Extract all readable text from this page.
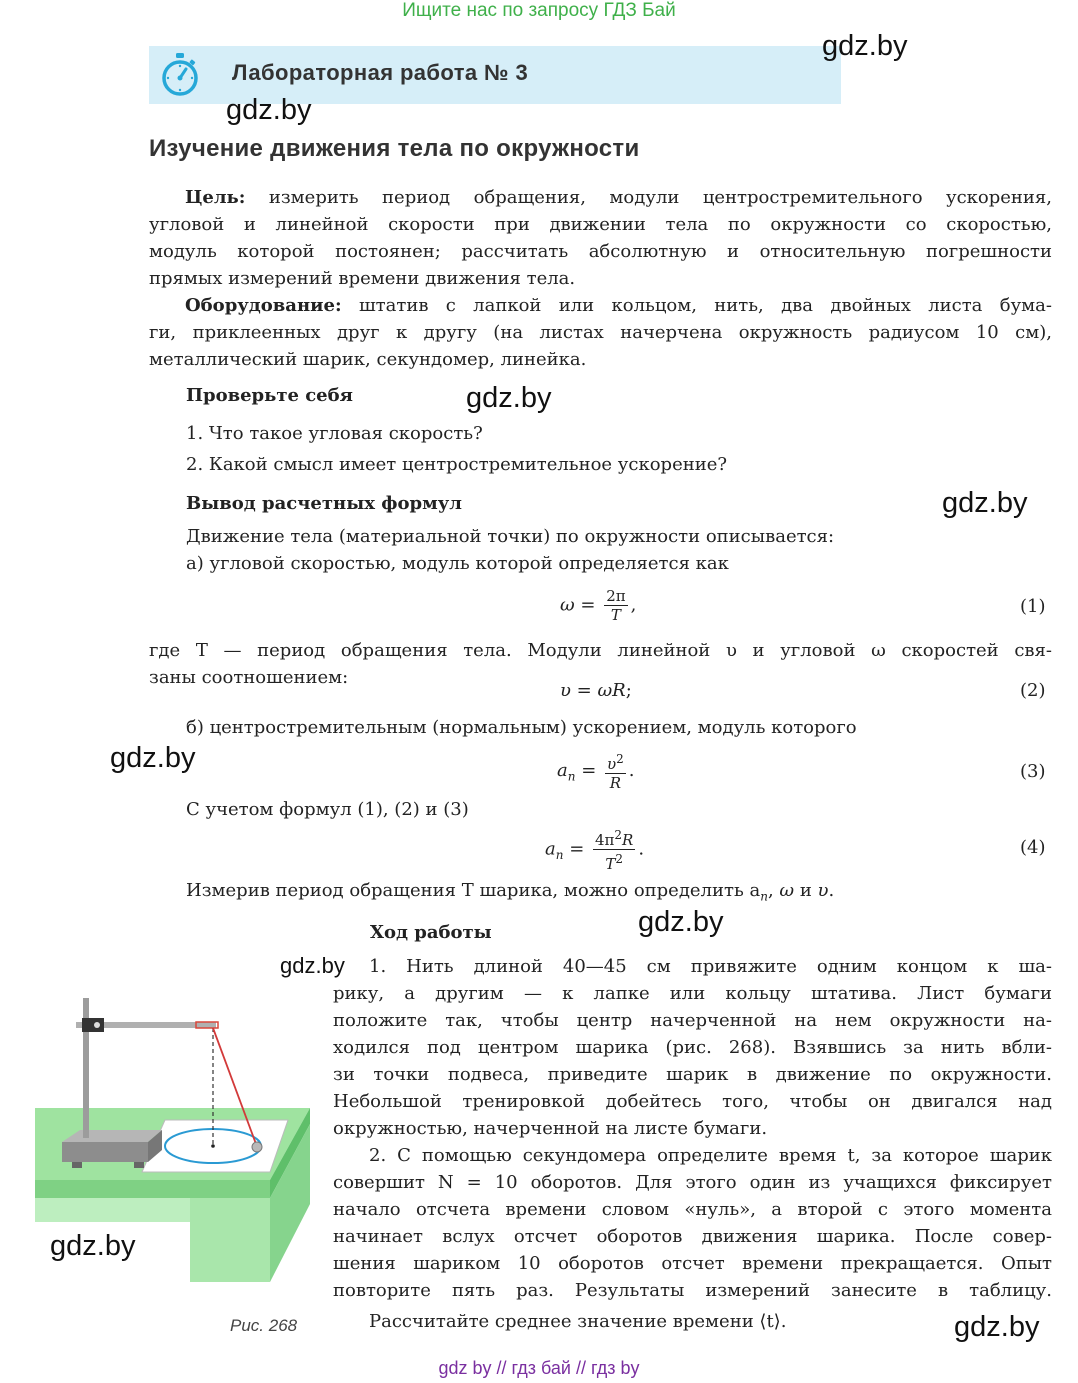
Ищите нас по запросу ГДЗ Бай
Лабораторная работа № 3
gdz.by
gdz.by
gdz.by
gdz.by
gdz.by
gdz.by
gdz.by
gdz.by
gdz.by
Изучение движения тела по окружности
Цель: измерить период обращения, модули центростремительного ускорения,
угловой и линейной скорости при движении тела по окружности со скоростью,
модуль которой постоянен; рассчитать абсолютную и относительную погрешности
прямых измерений времени движения тела.
Оборудование: штатив с лапкой или кольцом, нить, два двойных листа бума-
ги, приклеенных друг к другу (на листах начерчена окружность радиусом 10 см),
металлический шарик, секундомер, линейка.
Проверьте себя
1. Что такое угловая скорость?
2. Какой смысл имеет центростремительное ускорение?
Вывод расчетных формул
Движение тела (материальной точки) по окружности описывается:
а) угловой скоростью, модуль которой определяется как
$\omega = \frac{2\pi}{T}$ ,	(1)
где T — период обращения тела. Модули линейной υ и угловой ω скоростей свя-
заны соотношением:
υ = ωR;	(2)
б) центростремительным (нормальным) ускорением, модуль которого
$a_n = \frac{\upsilon^2}{R}$ .	(3)
С учетом формул (1), (2) и (3)
$a_n = \frac{4\pi^2R}{T^2}$ .	(4)
Измерив период обращения T шарика, можно определить $a_n$, ω и υ.
Ход работы
1. Нить длиной 40—45 см привяжите одним концом к ша-
рику, а другим — к лапке или кольцу штатива. Лист бумаги
положите так, чтобы центр начерченной на нем окружности на-
ходился под центром шарика (рис. 268). Взявшись за нить вбли-
зи точки подвеса, приведите шарик в движение по окружности.
Небольшой тренировкой добейтесь того, чтобы он двигался над
окружностью, начерченной на листе бумаги.
2. С помощью секундомера определите время t, за которое шарик
совершит N = 10 оборотов. Для этого один из учащихся фиксирует
начало отсчета времени словом «нуль», а второй с этого момента
начинает вслух отсчет оборотов движения шарика. После совер-
шения шариком 10 оборотов отсчет времени прекращается. Опыт
повторите пять раз. Результаты измерений занесите в таблицу.
Рассчитайте среднее значение времени ⟨t⟩.
Рис. 268
gdz by // гдз бай // гдз by
